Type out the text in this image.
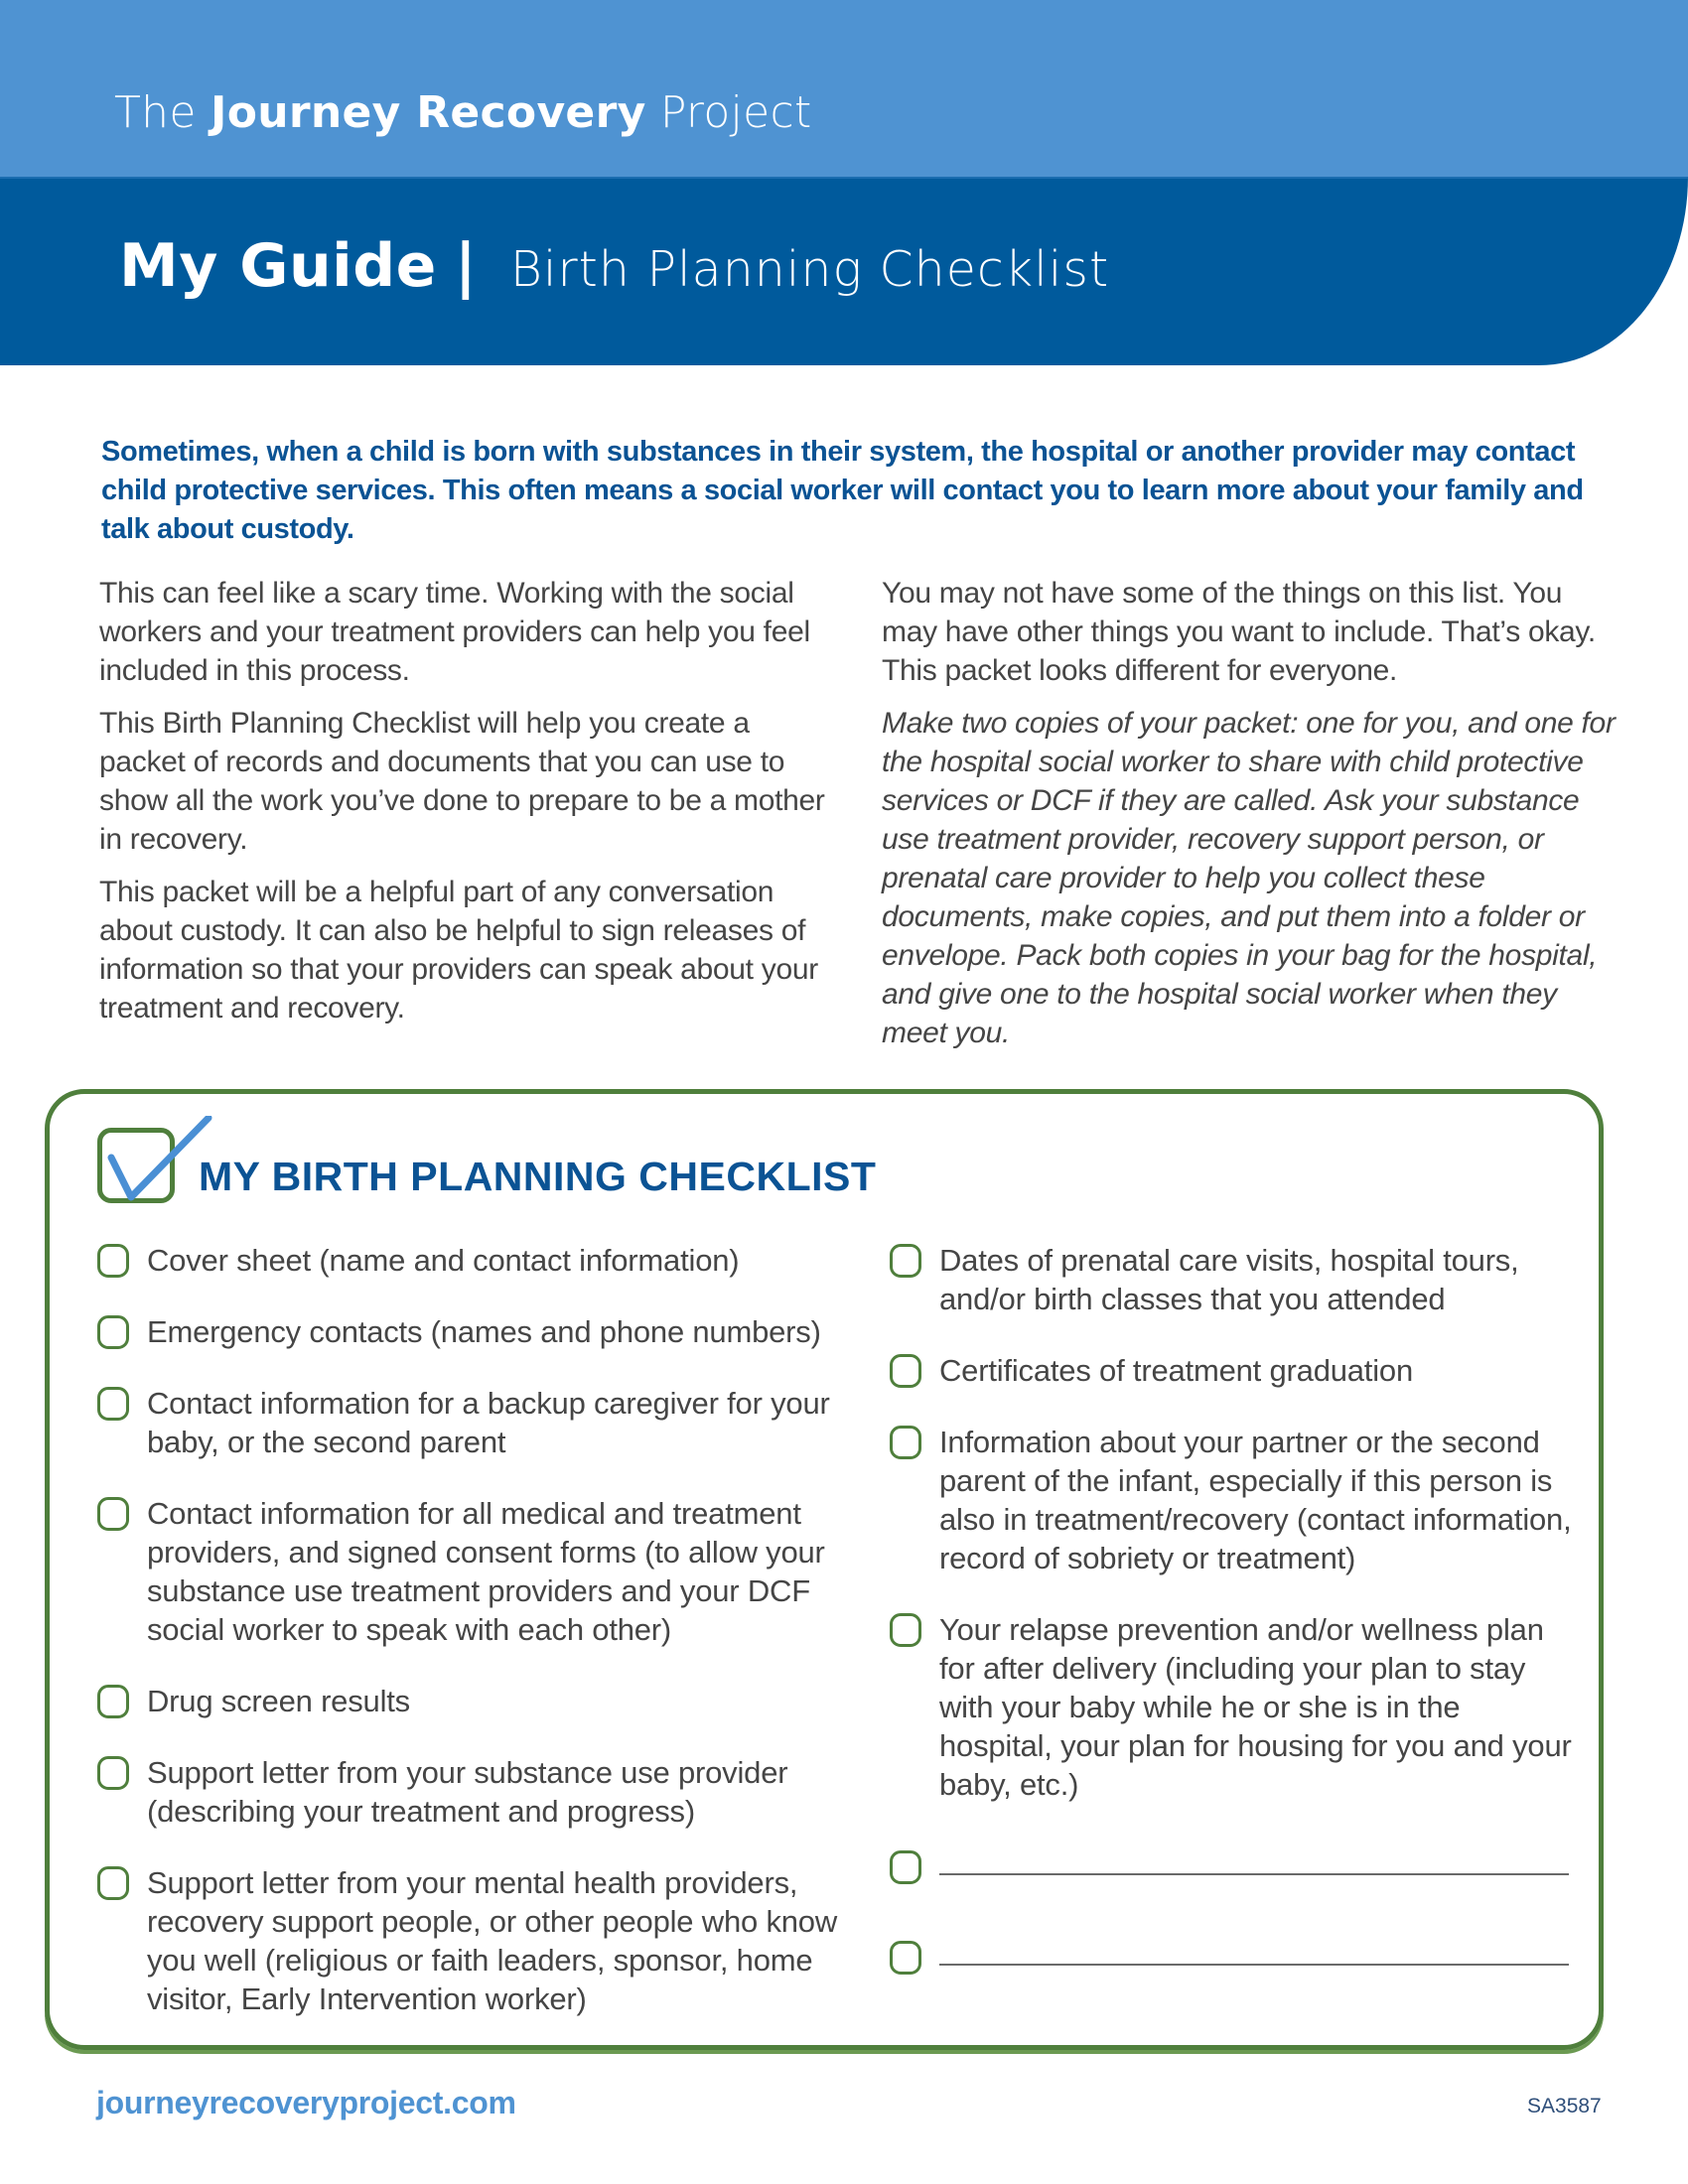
The Journey Recovery Project
My Guide | Birth Planning Checklist
Sometimes, when a child is born with substances in their system, the hospital or another provider may contact child protective services. This often means a social worker will contact you to learn more about your family and talk about custody.

This can feel like a scary time. Working with the social workers and your treatment providers can help you feel included in this process.

This Birth Planning Checklist will help you create a packet of records and documents that you can use to show all the work you’ve done to prepare to be a mother in recovery.

This packet will be a helpful part of any conversation about custody. It can also be helpful to sign releases of information so that your providers can speak about your treatment and recovery.

You may not have some of the things on this list. You may have other things you want to include. That’s okay. This packet looks different for everyone.

Make two copies of your packet: one for you, and one for the hospital social worker to share with child protective services or DCF if they are called. Ask your substance use treatment provider, recovery support person, or prenatal care provider to help you collect these documents, make copies, and put them into a folder or envelope. Pack both copies in your bag for the hospital, and give one to the hospital social worker when they meet you.

MY BIRTH PLANNING CHECKLIST
Cover sheet (name and contact information)
Emergency contacts (names and phone numbers)
Contact information for a backup caregiver for your baby, or the second parent
Contact information for all medical and treatment providers, and signed consent forms (to allow your substance use treatment providers and your DCF social worker to speak with each other)
Drug screen results
Support letter from your substance use provider (describing your treatment and progress)
Support letter from your mental health providers, recovery support people, or other people who know you well (religious or faith leaders, sponsor, home visitor, Early Intervention worker)
Dates of prenatal care visits, hospital tours, and/or birth classes that you attended
Certificates of treatment graduation
Information about your partner or the second parent of the infant, especially if this person is also in treatment/recovery (contact information, record of sobriety or treatment)
Your relapse prevention and/or wellness plan for after delivery (including your plan to stay with your baby while he or she is in the hospital, your plan for housing for you and your baby, etc.)
journeyrecoveryproject.com	SA3587
